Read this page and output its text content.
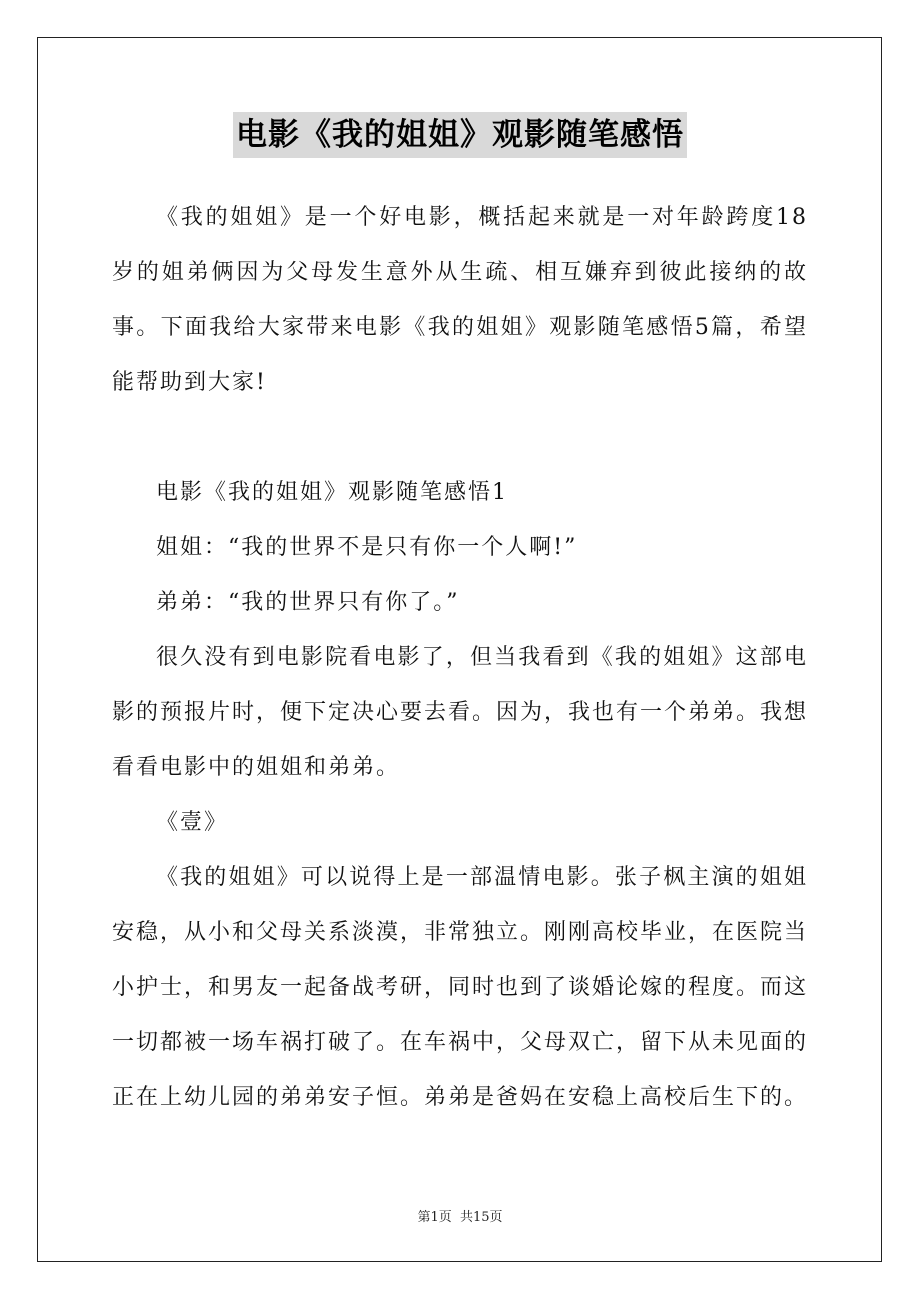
电影《我的姐姐》观影随笔感悟

《我的姐姐》是一个好电影，概括起来就是一对年龄跨度18岁的姐弟俩因为父母发生意外从生疏、相互嫌弃到彼此接纳的故事。下面我给大家带来电影《我的姐姐》观影随笔感悟5篇，希望能帮助到大家!

电影《我的姐姐》观影随笔感悟1

姐姐：“我的世界不是只有你一个人啊!”

弟弟：“我的世界只有你了。”

很久没有到电影院看电影了，但当我看到《我的姐姐》这部电影的预报片时，便下定决心要去看。因为，我也有一个弟弟。我想看看电影中的姐姐和弟弟。

《壹》

《我的姐姐》可以说得上是一部温情电影。张子枫主演的姐姐安稳，从小和父母关系淡漠，非常独立。刚刚高校毕业，在医院当小护士，和男友一起备战考研，同时也到了谈婚论嫁的程度。而这一切都被一场车祸打破了。在车祸中，父母双亡，留下从未见面的正在上幼儿园的弟弟安子恒。弟弟是爸妈在安稳上高校后生下的。

第1页 共15页
